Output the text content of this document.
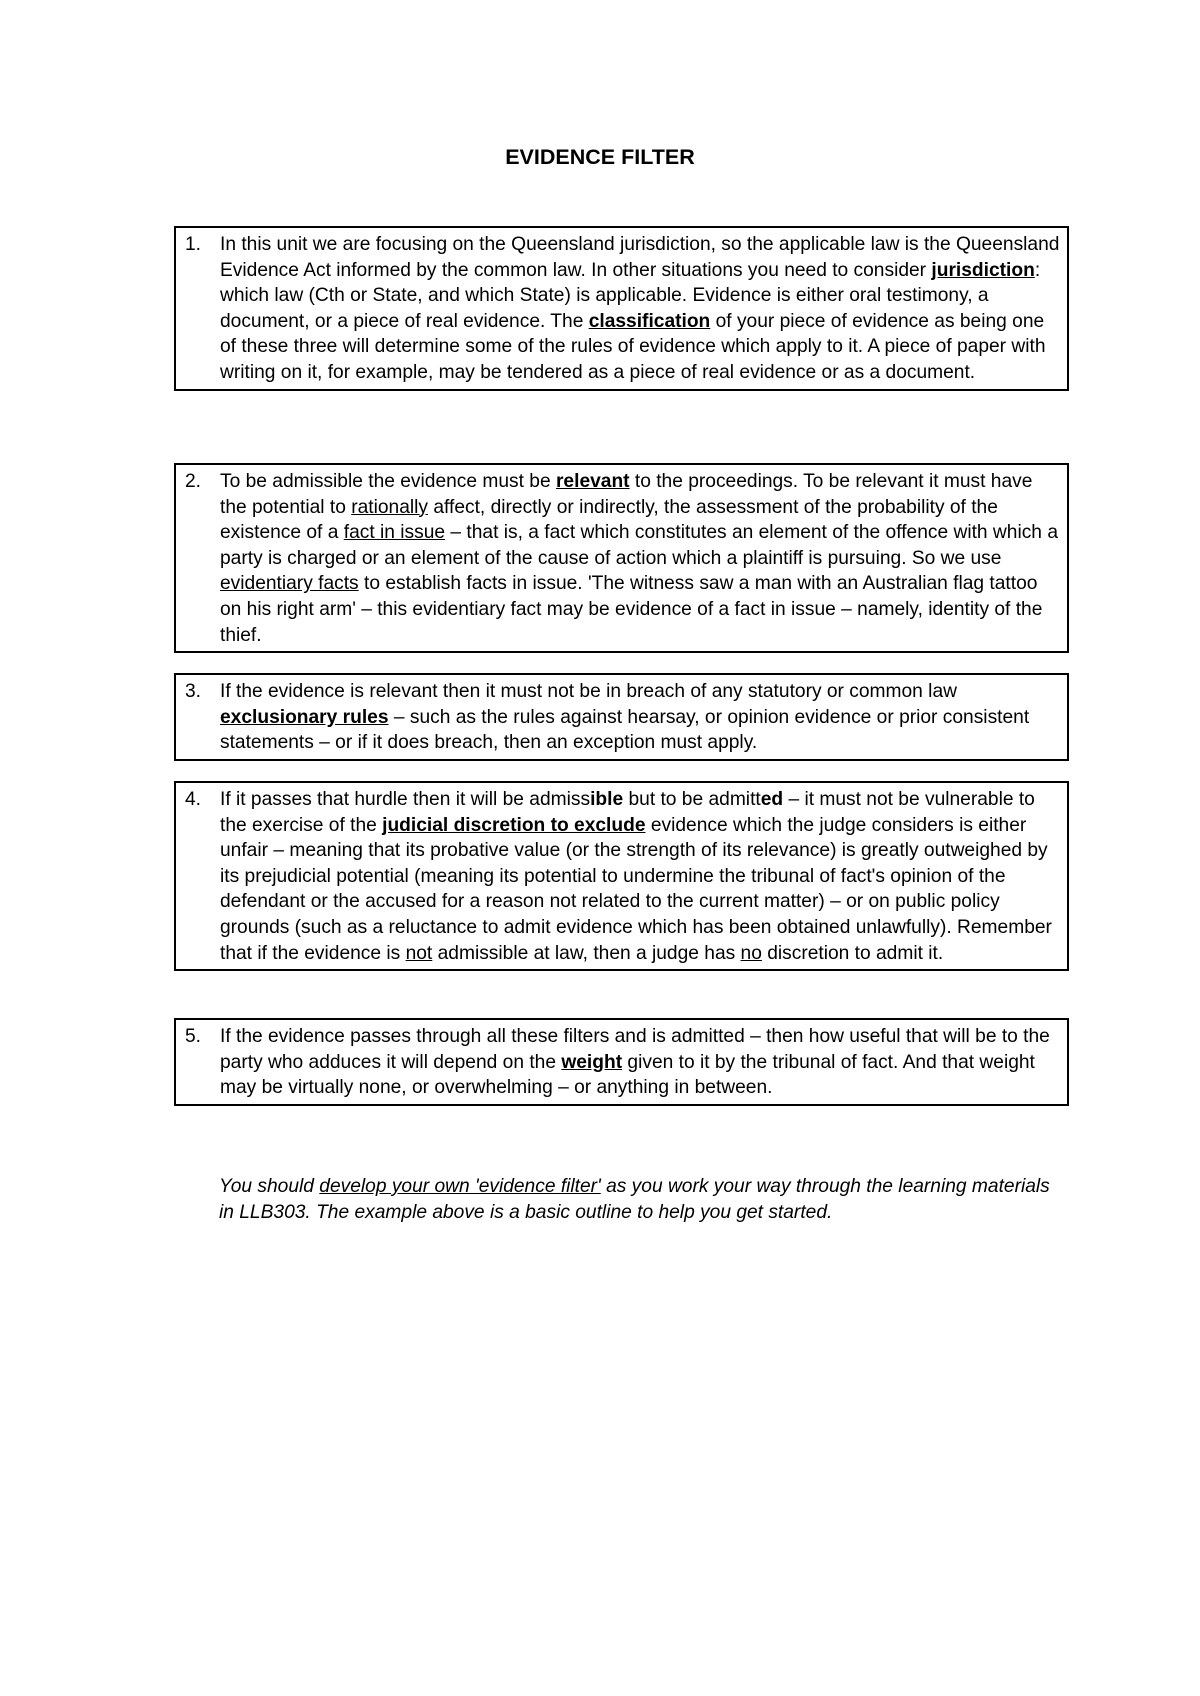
EVIDENCE FILTER
1. In this unit we are focusing on the Queensland jurisdiction, so the applicable law is the Queensland Evidence Act informed by the common law. In other situations you need to consider jurisdiction: which law (Cth or State, and which State) is applicable. Evidence is either oral testimony, a document, or a piece of real evidence. The classification of your piece of evidence as being one of these three will determine some of the rules of evidence which apply to it. A piece of paper with writing on it, for example, may be tendered as a piece of real evidence or as a document.

2. To be admissible the evidence must be relevant to the proceedings. To be relevant it must have the potential to rationally affect, directly or indirectly, the assessment of the probability of the existence of a fact in issue – that is, a fact which constitutes an element of the offence with which a party is charged or an element of the cause of action which a plaintiff is pursuing. So we use evidentiary facts to establish facts in issue. 'The witness saw a man with an Australian flag tattoo on his right arm' – this evidentiary fact may be evidence of a fact in issue – namely, identity of the thief.

3. If the evidence is relevant then it must not be in breach of any statutory or common law exclusionary rules – such as the rules against hearsay, or opinion evidence or prior consistent statements – or if it does breach, then an exception must apply.

4. If it passes that hurdle then it will be admissible but to be admitted – it must not be vulnerable to the exercise of the judicial discretion to exclude evidence which the judge considers is either unfair – meaning that its probative value (or the strength of its relevance) is greatly outweighed by its prejudicial potential (meaning its potential to undermine the tribunal of fact's opinion of the defendant or the accused for a reason not related to the current matter) – or on public policy grounds (such as a reluctance to admit evidence which has been obtained unlawfully). Remember that if the evidence is not admissible at law, then a judge has no discretion to admit it.

5. If the evidence passes through all these filters and is admitted – then how useful that will be to the party who adduces it will depend on the weight given to it by the tribunal of fact. And that weight may be virtually none, or overwhelming – or anything in between.

You should develop your own 'evidence filter' as you work your way through the learning materials in LLB303. The example above is a basic outline to help you get started.
